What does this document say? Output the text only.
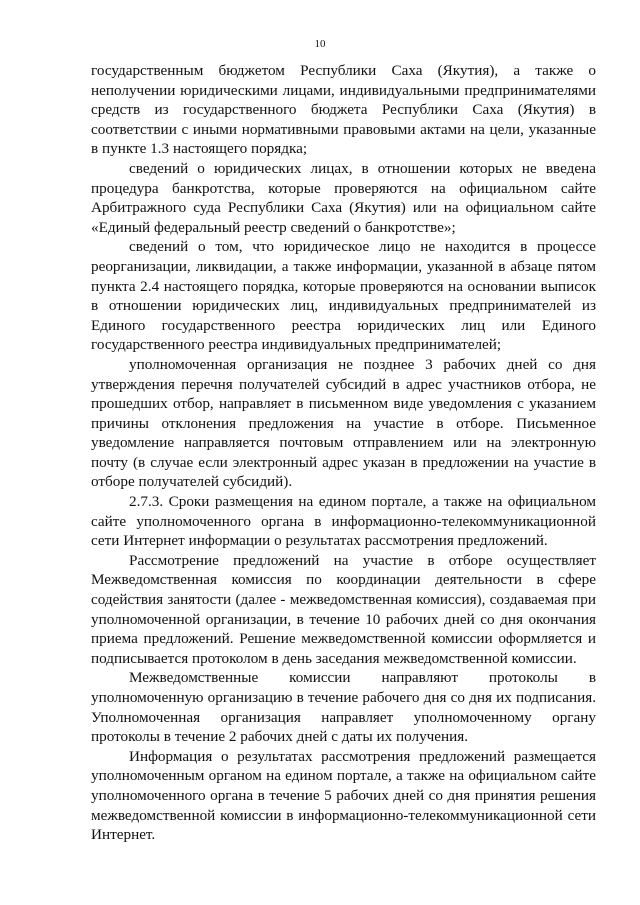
10

государственным бюджетом Республики Саха (Якутия), а также о неполучении юридическими лицами, индивидуальными предпринимателями средств из государственного бюджета Республики Саха (Якутия) в соответствии с иными нормативными правовыми актами на цели, указанные в пункте 1.3 настоящего порядка;

сведений о юридических лицах, в отношении которых не введена процедура банкротства, которые проверяются на официальном сайте Арбитражного суда Республики Саха (Якутия) или на официальном сайте «Единый федеральный реестр сведений о банкротстве»;

сведений о том, что юридическое лицо не находится в процессе реорганизации, ликвидации, а также информации, указанной в абзаце пятом пункта 2.4 настоящего порядка, которые проверяются на основании выписок в отношении юридических лиц, индивидуальных предпринимателей из Единого государственного реестра юридических лиц или Единого государственного реестра индивидуальных предпринимателей;

уполномоченная организация не позднее 3 рабочих дней со дня утверждения перечня получателей субсидий в адрес участников отбора, не прошедших отбор, направляет в письменном виде уведомления с указанием причины отклонения предложения на участие в отборе. Письменное уведомление направляется почтовым отправлением или на электронную почту (в случае если электронный адрес указан в предложении на участие в отборе получателей субсидий).

2.7.3. Сроки размещения на едином портале, а также на официальном сайте уполномоченного органа в информационно-телекоммуникационной сети Интернет информации о результатах рассмотрения предложений.

Рассмотрение предложений на участие в отборе осуществляет Межведомственная комиссия по координации деятельности в сфере содействия занятости (далее - межведомственная комиссия), создаваемая при уполномоченной организации, в течение 10 рабочих дней со дня окончания приема предложений. Решение межведомственной комиссии оформляется и подписывается протоколом в день заседания межведомственной комиссии.

Межведомственные комиссии направляют протоколы в уполномоченную организацию в течение рабочего дня со дня их подписания. Уполномоченная организация направляет уполномоченному органу протоколы в течение 2 рабочих дней с даты их получения.

Информация о результатах рассмотрения предложений размещается уполномоченным органом на едином портале, а также на официальном сайте уполномоченного органа в течение 5 рабочих дней со дня принятия решения межведомственной комиссии в информационно-телекоммуникационной сети Интернет.
